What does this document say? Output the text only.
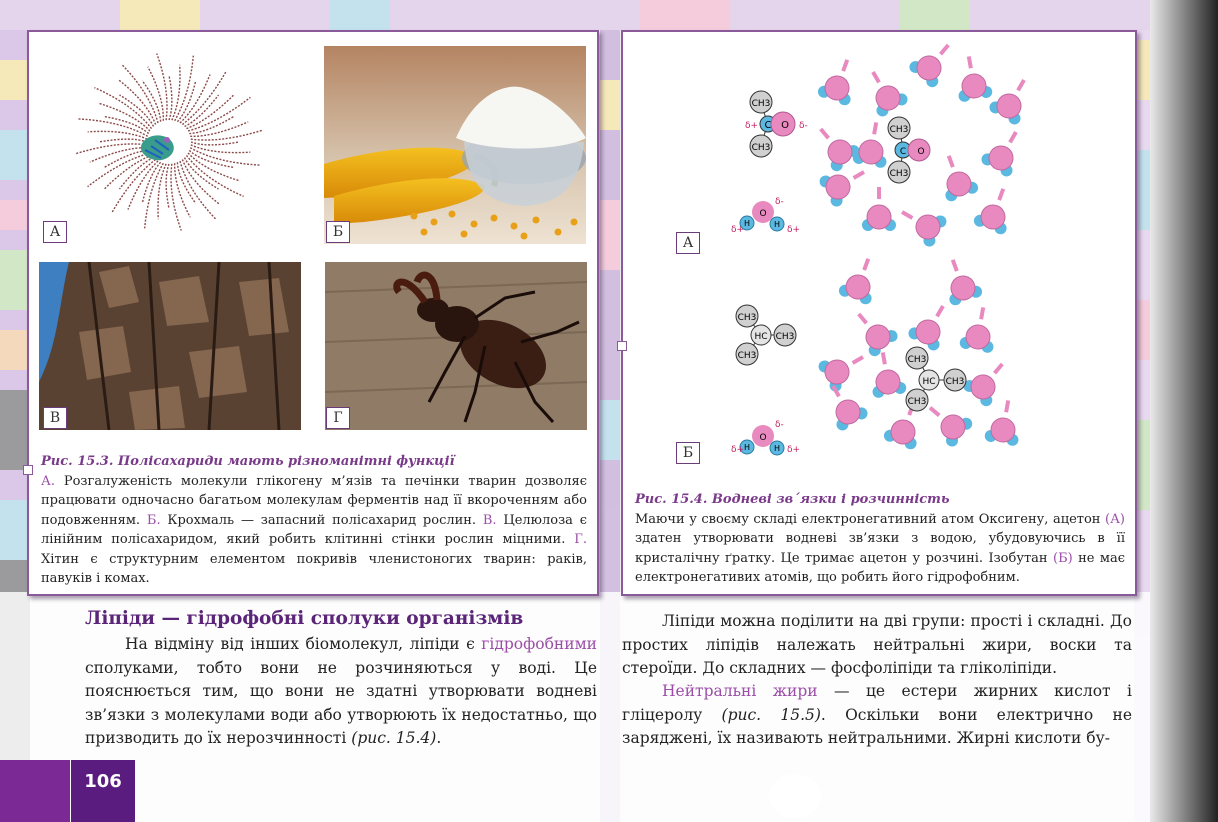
А	Б
В	Г
Рис. 15.3. Полісахариди мають різноманітні функції
А. Розгалуженість молекули глікогену м’язів та печінки тварин дозволяє працювати одночасно багатьом молекулам ферментів над її вкороченням або подовженням. Б. Крохмаль — запасний полісахарид рослин. В. Целюлоза є лінійним полісахаридом, який робить клітинні стінки рослин міцними. Г. Хітин є структурним елементом покривів членистоногих тварин: раків, павуків і комах.
CH3
C O
CH3
δ+	δ-
O
H	H
δ+	δ+
δ-
CH3
C O
CH3
CH3
HC CH3
CH3
O
H	H
δ+	δ+
δ-
CH3
HC CH3
CH3
А
Б
Рис. 15.4. Водневі зв´язки і розчинність
Маючи у своєму складі електронегативний атом Оксигену, ацетон (А) здатен утворювати водневі зв’язки з водою, убудовуючись в її кристалічну ґратку. Це тримає ацетон у розчині. Ізобутан (Б) не має електронегативих атомів, що робить його гідрофобним.
Ліпіди — гідрофобні сполуки організмів
На відміну від інших біомолекул, ліпіди є гідрофобними сполуками, тобто вони не розчиняються у воді. Це пояснюється тим, що вони не здатні утворювати водневі зв’язки з молекулами води або утворюють їх недостатньо, що призводить до їх нерозчинності (рис. 15.4).
Ліпіди можна поділити на дві групи: прості і складні. До простих ліпідів належать нейтральні жири, воски та стероїди. До складних — фосфоліпіди та гліколіпіди.
Нейтральні жири — це естери жирних кислот і гліцеролу (рис. 15.5). Оскільки вони електрично не заряджені, їх називають нейтральними. Жирні кислоти бу-
106
